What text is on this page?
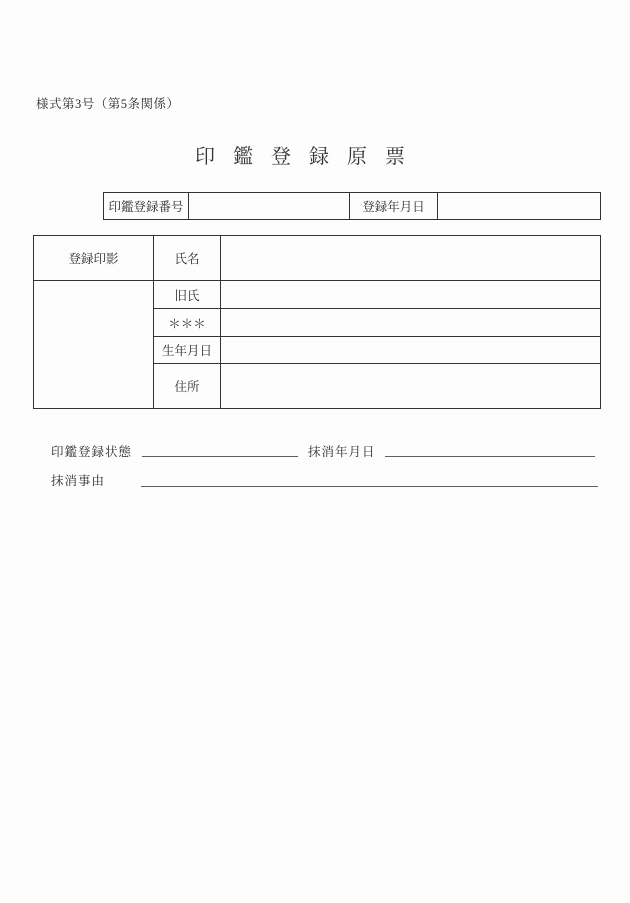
様式第3号（第5条関係）
印鑑登録原票
印鑑登録番号		登録年月日	
登録印影	氏名	
	旧氏	
	＊＊＊	
	生年月日	
	住所	
印鑑登録状態	抹消年月日
抹消事由
